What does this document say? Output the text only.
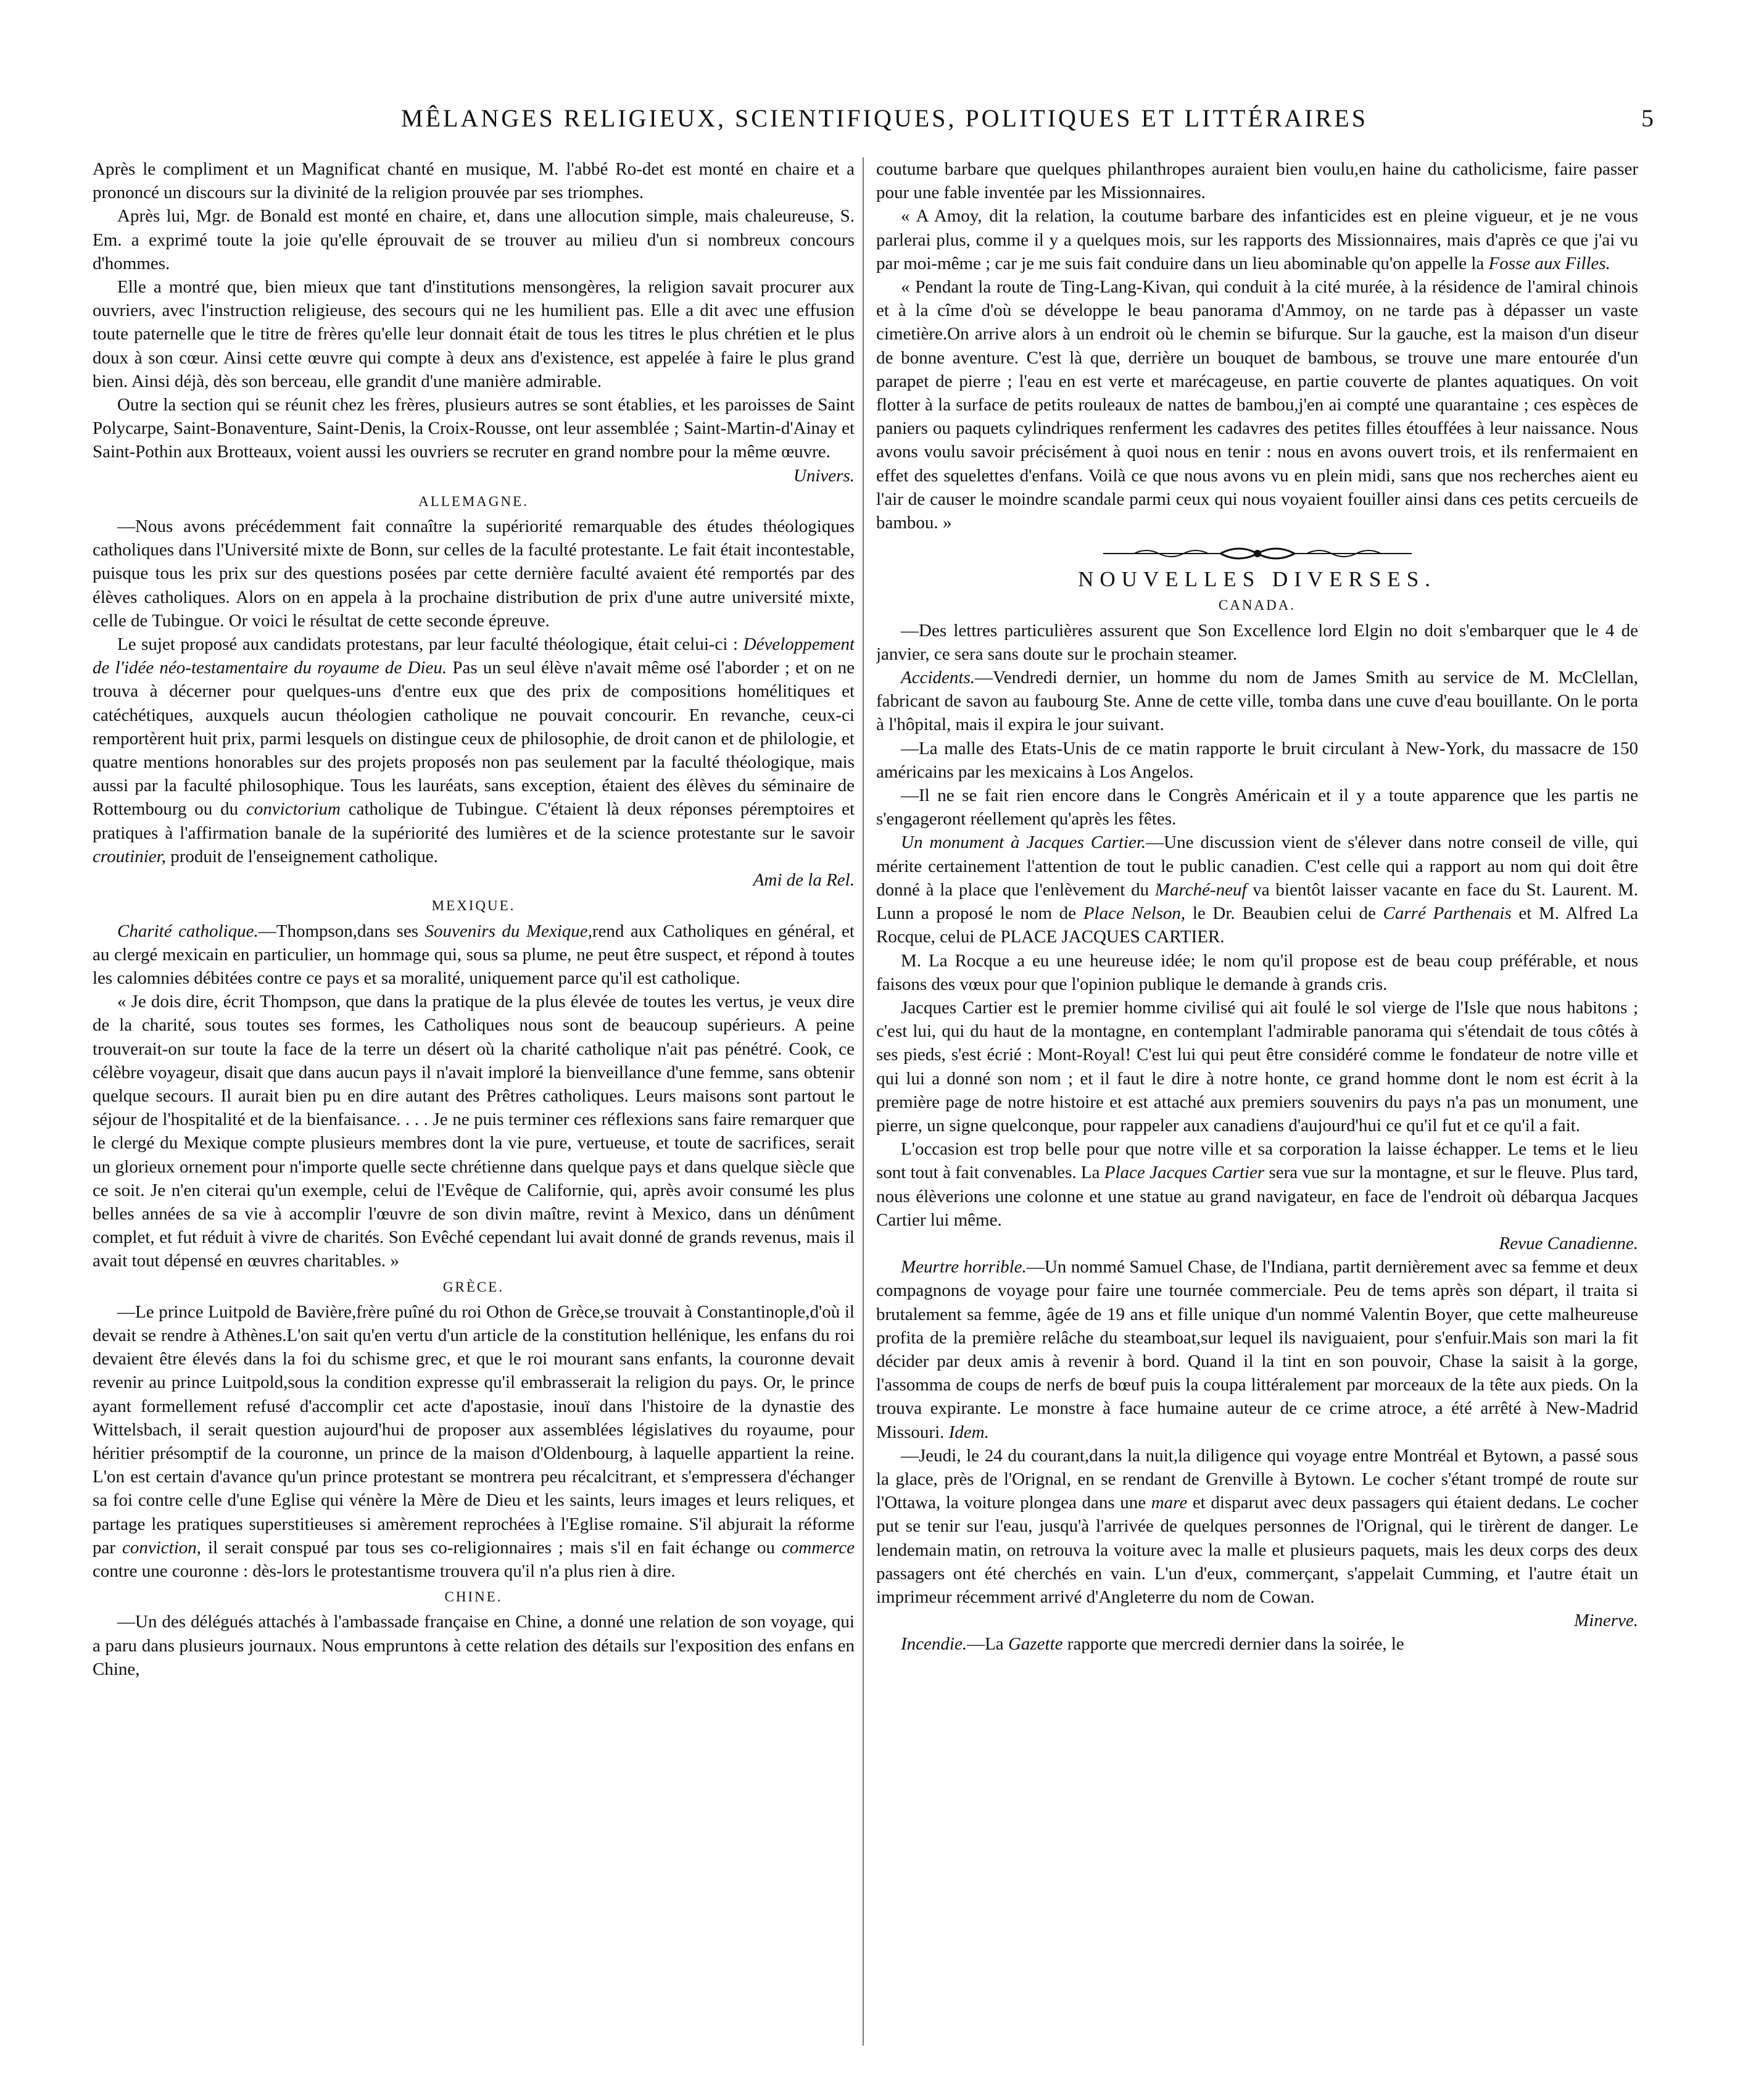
MÊLANGES RELIGIEUX, SCIENTIFIQUES, POLITIQUES ET LITTÉRAIRES	5

Après le compliment et un Magnificat chanté en musique, M. l'abbé Ro-det est monté en chaire et a prononcé un discours sur la divinité de la religion prouvée par ses triomphes.

Après lui, Mgr. de Bonald est monté en chaire, et, dans une allocution simple, mais chaleureuse, S. Em. a exprimé toute la joie qu'elle éprouvait de se trouver au milieu d'un si nombreux concours d'hommes.

Elle a montré que, bien mieux que tant d'institutions mensongères, la religion savait procurer aux ouvriers, avec l'instruction religieuse, des secours qui ne les humilient pas. Elle a dit avec une effusion toute paternelle que le titre de frères qu'elle leur donnait était de tous les titres le plus chrétien et le plus doux à son cœur. Ainsi cette œuvre qui compte à deux ans d'existence, est appelée à faire le plus grand bien. Ainsi déjà, dès son berceau, elle grandit d'une manière admirable.

Outre la section qui se réunit chez les frères, plusieurs autres se sont établies, et les paroisses de Saint Polycarpe, Saint-Bonaventure, Saint-Denis, la Croix-Rousse, ont leur assemblée ; Saint-Martin-d'Ainay et Saint-Pothin aux Brotteaux, voient aussi les ouvriers se recruter en grand nombre pour la même œuvre.

Univers.
ALLEMAGNE.

—Nous avons précédemment fait connaître la supériorité remarquable des études théologiques catholiques dans l'Université mixte de Bonn, sur celles de la faculté protestante. Le fait était incontestable, puisque tous les prix sur des questions posées par cette dernière faculté avaient été remportés par des élèves catholiques. Alors on en appela à la prochaine distribution de prix d'une autre université mixte, celle de Tubingue. Or voici le résultat de cette seconde épreuve.

Le sujet proposé aux candidats protestans, par leur faculté théologique, était celui-ci : Développement de l'idée néo-testamentaire du royaume de Dieu. Pas un seul élève n'avait même osé l'aborder ; et on ne trouva à décerner pour quelques-uns d'entre eux que des prix de compositions homélitiques et catéchétiques, auxquels aucun théologien catholique ne pouvait concourir. En revanche, ceux-ci remportèrent huit prix, parmi lesquels on distingue ceux de philosophie, de droit canon et de philologie, et quatre mentions honorables sur des projets proposés non pas seulement par la faculté théologique, mais aussi par la faculté philosophique. Tous les lauréats, sans exception, étaient des élèves du séminaire de Rottembourg ou du convictorium catholique de Tubingue. C'étaient là deux réponses péremptoires et pratiques à l'affirmation banale de la supériorité des lumières et de la science protestante sur le savoir croutinier, produit de l'enseignement catholique.

Ami de la Rel.
MEXIQUE.

Charité catholique.—Thompson,dans ses Souvenirs du Mexique,rend aux Catholiques en général, et au clergé mexicain en particulier, un hommage qui, sous sa plume, ne peut être suspect, et répond à toutes les calomnies débitées contre ce pays et sa moralité, uniquement parce qu'il est catholique.

« Je dois dire, écrit Thompson, que dans la pratique de la plus élevée de toutes les vertus, je veux dire de la charité, sous toutes ses formes, les Catholiques nous sont de beaucoup supérieurs. A peine trouverait-on sur toute la face de la terre un désert où la charité catholique n'ait pas pénétré. Cook, ce célèbre voyageur, disait que dans aucun pays il n'avait imploré la bienveillance d'une femme, sans obtenir quelque secours. Il aurait bien pu en dire autant des Prêtres catholiques. Leurs maisons sont partout le séjour de l'hospitalité et de la bienfaisance. . . . Je ne puis terminer ces réflexions sans faire remarquer que le clergé du Mexique compte plusieurs membres dont la vie pure, vertueuse, et toute de sacrifices, serait un glorieux ornement pour n'importe quelle secte chrétienne dans quelque pays et dans quelque siècle que ce soit. Je n'en citerai qu'un exemple, celui de l'Evêque de Californie, qui, après avoir consumé les plus belles années de sa vie à accomplir l'œuvre de son divin maître, revint à Mexico, dans un dénûment complet, et fut réduit à vivre de charités. Son Evêché cependant lui avait donné de grands revenus, mais il avait tout dépensé en œuvres charitables. »

GRÈCE.

—Le prince Luitpold de Bavière,frère puîné du roi Othon de Grèce,se trouvait à Constantinople,d'où il devait se rendre à Athènes.L'on sait qu'en vertu d'un article de la constitution hellénique, les enfans du roi devaient être élevés dans la foi du schisme grec, et que le roi mourant sans enfants, la couronne devait revenir au prince Luitpold,sous la condition expresse qu'il embrasserait la religion du pays. Or, le prince ayant formellement refusé d'accomplir cet acte d'apostasie, inouï dans l'histoire de la dynastie des Wittelsbach, il serait question aujourd'hui de proposer aux assemblées législatives du royaume, pour héritier présomptif de la couronne, un prince de la maison d'Oldenbourg, à laquelle appartient la reine. L'on est certain d'avance qu'un prince protestant se montrera peu récalcitrant, et s'empressera d'échanger sa foi contre celle d'une Eglise qui vénère la Mère de Dieu et les saints, leurs images et leurs reliques, et partage les pratiques superstitieuses si amèrement reprochées à l'Eglise romaine. S'il abjurait la réforme par conviction, il serait conspué par tous ses co-religionnaires ; mais s'il en fait échange ou commerce contre une couronne : dès-lors le protestantisme trouvera qu'il n'a plus rien à dire.

CHINE.

—Un des délégués attachés à l'ambassade française en Chine, a donné une relation de son voyage, qui a paru dans plusieurs journaux. Nous empruntons à cette relation des détails sur l'exposition des enfans en Chine,

coutume barbare que quelques philanthropes auraient bien voulu,en haine du catholicisme, faire passer pour une fable inventée par les Missionnaires.

« A Amoy, dit la relation, la coutume barbare des infanticides est en pleine vigueur, et je ne vous parlerai plus, comme il y a quelques mois, sur les rapports des Missionnaires, mais d'après ce que j'ai vu par moi-même ; car je me suis fait conduire dans un lieu abominable qu'on appelle la Fosse aux Filles.

« Pendant la route de Ting-Lang-Kivan, qui conduit à la cité murée, à la résidence de l'amiral chinois et à la cîme d'où se développe le beau panorama d'Ammoy, on ne tarde pas à dépasser un vaste cimetière.On arrive alors à un endroit où le chemin se bifurque. Sur la gauche, est la maison d'un diseur de bonne aventure. C'est là que, derrière un bouquet de bambous, se trouve une mare entourée d'un parapet de pierre ; l'eau en est verte et marécageuse, en partie couverte de plantes aquatiques. On voit flotter à la surface de petits rouleaux de nattes de bambou,j'en ai compté une quarantaine ; ces espèces de paniers ou paquets cylindriques renferment les cadavres des petites filles étouffées à leur naissance. Nous avons voulu savoir précisément à quoi nous en tenir : nous en avons ouvert trois, et ils renfermaient en effet des squelettes d'enfans. Voilà ce que nous avons vu en plein midi, sans que nos recherches aient eu l'air de causer le moindre scandale parmi ceux qui nous voyaient fouiller ainsi dans ces petits cercueils de bambou. »

NOUVELLES DIVERSES.
CANADA.

—Des lettres particulières assurent que Son Excellence lord Elgin no doit s'embarquer que le 4 de janvier, ce sera sans doute sur le prochain steamer.

Accidents.—Vendredi dernier, un homme du nom de James Smith au service de M. McClellan, fabricant de savon au faubourg Ste. Anne de cette ville, tomba dans une cuve d'eau bouillante. On le porta à l'hôpital, mais il expira le jour suivant.

—La malle des Etats-Unis de ce matin rapporte le bruit circulant à New-York, du massacre de 150 américains par les mexicains à Los Angelos.

—Il ne se fait rien encore dans le Congrès Américain et il y a toute apparence que les partis ne s'engageront réellement qu'après les fêtes.

Un monument à Jacques Cartier.—Une discussion vient de s'élever dans notre conseil de ville, qui mérite certainement l'attention de tout le public canadien. C'est celle qui a rapport au nom qui doit être donné à la place que l'enlèvement du Marché-neuf va bientôt laisser vacante en face du St. Laurent. M. Lunn a proposé le nom de Place Nelson, le Dr. Beaubien celui de Carré Parthenais et M. Alfred La Rocque, celui de PLACE JACQUES CARTIER.

M. La Rocque a eu une heureuse idée; le nom qu'il propose est de beau coup préférable, et nous faisons des vœux pour que l'opinion publique le demande à grands cris.

Jacques Cartier est le premier homme civilisé qui ait foulé le sol vierge de l'Isle que nous habitons ; c'est lui, qui du haut de la montagne, en contemplant l'admirable panorama qui s'étendait de tous côtés à ses pieds, s'est écrié : Mont-Royal! C'est lui qui peut être considéré comme le fondateur de notre ville et qui lui a donné son nom ; et il faut le dire à notre honte, ce grand homme dont le nom est écrit à la première page de notre histoire et est attaché aux premiers souvenirs du pays n'a pas un monument, une pierre, un signe quelconque, pour rappeler aux canadiens d'aujourd'hui ce qu'il fut et ce qu'il a fait.

L'occasion est trop belle pour que notre ville et sa corporation la laisse échapper. Le tems et le lieu sont tout à fait convenables. La Place Jacques Cartier sera vue sur la montagne, et sur le fleuve. Plus tard, nous élèverions une colonne et une statue au grand navigateur, en face de l'endroit où débarqua Jacques Cartier lui même.

Revue Canadienne.

Meurtre horrible.—Un nommé Samuel Chase, de l'Indiana, partit dernièrement avec sa femme et deux compagnons de voyage pour faire une tournée commerciale. Peu de tems après son départ, il traita si brutalement sa femme, âgée de 19 ans et fille unique d'un nommé Valentin Boyer, que cette malheureuse profita de la première relâche du steamboat,sur lequel ils naviguaient, pour s'enfuir.Mais son mari la fit décider par deux amis à revenir à bord. Quand il la tint en son pouvoir, Chase la saisit à la gorge, l'assomma de coups de nerfs de bœuf puis la coupa littéralement par morceaux de la tête aux pieds. On la trouva expirante. Le monstre à face humaine auteur de ce crime atroce, a été arrêté à New-Madrid Missouri. Idem.

—Jeudi, le 24 du courant,dans la nuit,la diligence qui voyage entre Montréal et Bytown, a passé sous la glace, près de l'Orignal, en se rendant de Grenville à Bytown. Le cocher s'étant trompé de route sur l'Ottawa, la voiture plongea dans une mare et disparut avec deux passagers qui étaient dedans. Le cocher put se tenir sur l'eau, jusqu'à l'arrivée de quelques personnes de l'Orignal, qui le tirèrent de danger. Le lendemain matin, on retrouva la voiture avec la malle et plusieurs paquets, mais les deux corps des deux passagers ont été cherchés en vain. L'un d'eux, commerçant, s'appelait Cumming, et l'autre était un imprimeur récemment arrivé d'Angleterre du nom de Cowan.

Minerve.

Incendie.—La Gazette rapporte que mercredi dernier dans la soirée, le
